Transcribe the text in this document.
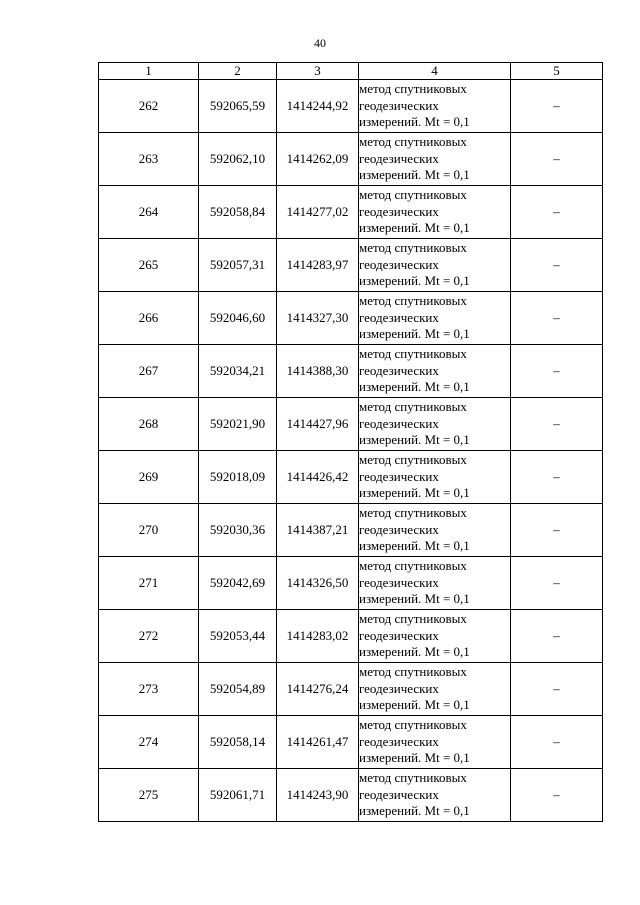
40
1	2	3	4	5
262	592065,59	1414244,92	метод спутниковых
геодезических
измерений. Mt = 0,1	–
263	592062,10	1414262,09	метод спутниковых
геодезических
измерений. Mt = 0,1	–
264	592058,84	1414277,02	метод спутниковых
геодезических
измерений. Mt = 0,1	–
265	592057,31	1414283,97	метод спутниковых
геодезических
измерений. Mt = 0,1	–
266	592046,60	1414327,30	метод спутниковых
геодезических
измерений. Mt = 0,1	–
267	592034,21	1414388,30	метод спутниковых
геодезических
измерений. Mt = 0,1	–
268	592021,90	1414427,96	метод спутниковых
геодезических
измерений. Mt = 0,1	–
269	592018,09	1414426,42	метод спутниковых
геодезических
измерений. Mt = 0,1	–
270	592030,36	1414387,21	метод спутниковых
геодезических
измерений. Mt = 0,1	–
271	592042,69	1414326,50	метод спутниковых
геодезических
измерений. Mt = 0,1	–
272	592053,44	1414283,02	метод спутниковых
геодезических
измерений. Mt = 0,1	–
273	592054,89	1414276,24	метод спутниковых
геодезических
измерений. Mt = 0,1	–
274	592058,14	1414261,47	метод спутниковых
геодезических
измерений. Mt = 0,1	–
275	592061,71	1414243,90	метод спутниковых
геодезических
измерений. Mt = 0,1	–
